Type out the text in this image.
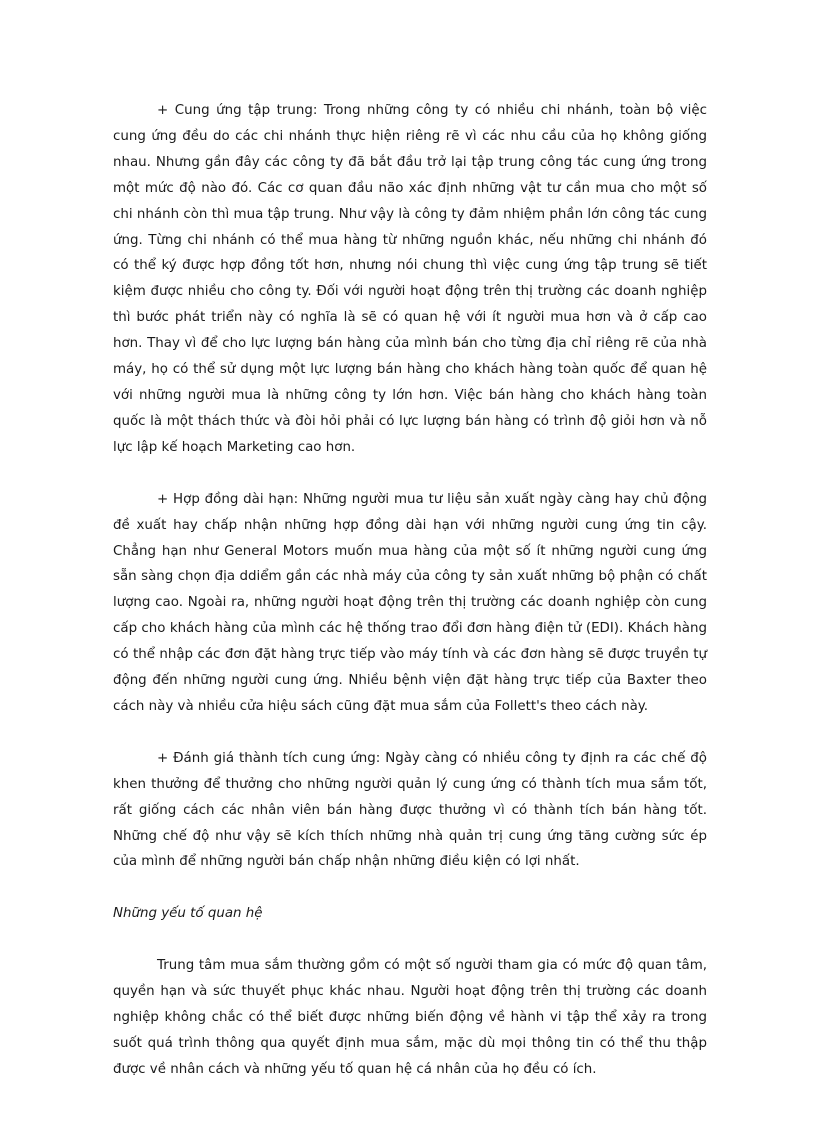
+ Cung ứng tập trung: Trong những công ty có nhiều chi nhánh, toàn bộ việc cung ứng đều do các chi nhánh thực hiện riêng rẽ vì các nhu cầu của họ không giống nhau. Nhưng gần đây các công ty đã bắt đầu trở lại tập trung công tác cung ứng trong một mức độ nào đó. Các cơ quan đầu não xác định những vật tư cần mua cho một số chi nhánh còn thì mua tập trung. Như vậy là công ty đảm nhiệm phần lớn công tác cung ứng. Từng chi nhánh có thể mua hàng từ những nguồn khác, nếu những chi nhánh đó có thể ký được hợp đồng tốt hơn, nhưng nói chung thì việc cung ứng tập trung sẽ tiết kiệm được nhiều cho công ty. Đối với người hoạt động trên thị trường các doanh nghiệp thì bước phát triển này có nghĩa là sẽ có quan hệ với ít người mua hơn và ở cấp cao hơn. Thay vì để cho lực lượng bán hàng của mình bán cho từng địa chỉ riêng rẽ của nhà máy, họ có thể sử dụng một lực lượng bán hàng cho khách hàng toàn quốc để quan hệ với những người mua là những công ty lớn hơn. Việc bán hàng cho khách hàng toàn quốc là một thách thức và đòi hỏi phải có lực lượng bán hàng có trình độ giỏi hơn và nỗ lực lập kế hoạch Marketing cao hơn.

+ Hợp đồng dài hạn: Những người mua tư liệu sản xuất ngày càng hay chủ động đề xuất hay chấp nhận những hợp đồng dài hạn với những người cung ứng tin cậy. Chẳng hạn như General Motors muốn mua hàng của một số ít những người cung ứng sẵn sàng chọn địa ddiểm gần các nhà máy của công ty sản xuất những bộ phận có chất lượng cao. Ngoài ra, những người hoạt động trên thị trường các doanh nghiệp còn cung cấp cho khách hàng của mình các hệ thống trao đổi đơn hàng điện tử (EDI). Khách hàng có thể nhập các đơn đặt hàng trực tiếp vào máy tính và các đơn hàng sẽ được truyền tự động đến những người cung ứng. Nhiều bệnh viện đặt hàng trực tiếp của Baxter theo cách này và nhiều cửa hiệu sách cũng đặt mua sắm của Follett's theo cách này.

+ Đánh giá thành tích cung ứng: Ngày càng có nhiều công ty định ra các chế độ khen thưởng để thưởng cho những người quản lý cung ứng có thành tích mua sắm tốt, rất giống cách các nhân viên bán hàng được thưởng vì có thành tích bán hàng tốt. Những chế độ như vậy sẽ kích thích những nhà quản trị cung ứng tăng cường sức ép của mình để những người bán chấp nhận những điều kiện có lợi nhất.

Những yếu tố quan hệ

Trung tâm mua sắm thường gồm có một số người tham gia có mức độ quan tâm, quyền hạn và sức thuyết phục khác nhau. Người hoạt động trên thị trường các doanh nghiệp không chắc có thể biết được những biến động về hành vi tập thể xảy ra trong suốt quá trình thông qua quyết định mua sắm, mặc dù mọi thông tin có thể thu thập được về nhân cách và những yếu tố quan hệ cá nhân của họ đều có ích.
